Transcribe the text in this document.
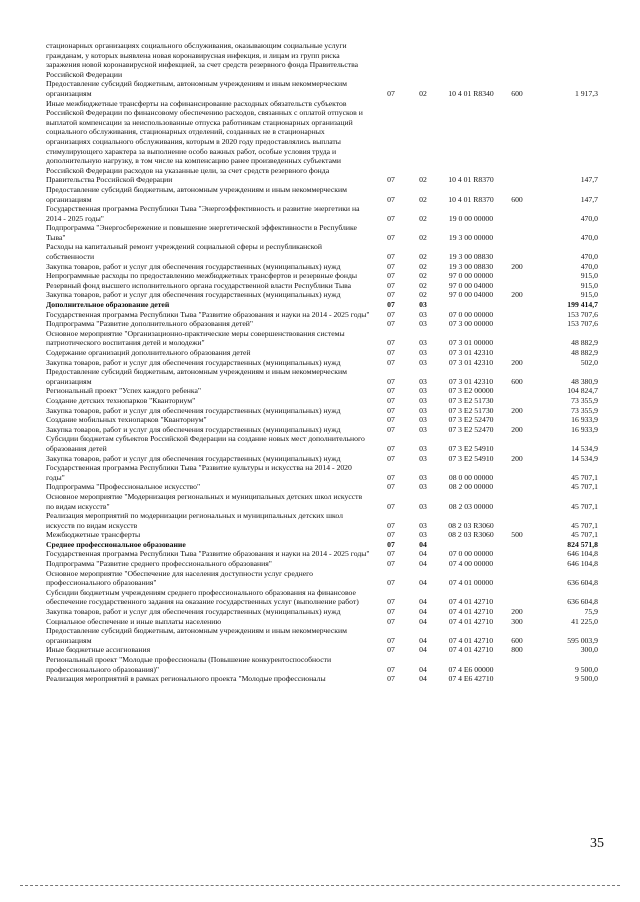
стационарных организациях социального обслуживания, оказывающим социальные услуги гражданам, у которых выявлена новая коронавирусная инфекция, и лицам из групп риска заражения новой коронавирусной инфекцией, за счет средств резервного фонда Правительства Российской Федерации					
Предоставление субсидий бюджетным, автономным учреждениям и иным некоммерческим организациям	07	02	10 4 01 R8340	600	1 917,3
Иные межбюджетные трансферты на софинансирование расходных обязательств субъектов Российской Федерации по финансовому обеспечению расходов, связанных с оплатой отпусков и выплатой компенсации за неиспользованные отпуска работникам стационарных организаций социального обслуживания, стационарных отделений, созданных не в стационарных организациях социального обслуживания, которым в 2020 году предоставлялись выплаты стимулирующего характера за выполнение особо важных работ, особые условия труда и дополнительную нагрузку, в том числе на компенсацию ранее произведенных субъектами Российской Федерации расходов на указанные цели, за счет средств резервного фонда Правительства Российской Федерации	07	02	10 4 01 R8370		147,7
Предоставление субсидий бюджетным, автономным учреждениям и иным некоммерческим организациям	07	02	10 4 01 R8370	600	147,7
Государственная программа Республики Тыва "Энергоэффективность и развитие энергетики на 2014 - 2025 годы"	07	02	19 0 00 00000		470,0
Подпрограмма "Энергосбережение и повышение энергетической эффективности в Республике Тыва"	07	02	19 3 00 00000		470,0
Расходы на капитальный ремонт учреждений социальной сферы и республиканской собственности	07	02	19 3 00 08830		470,0
Закупка товаров, работ и услуг для обеспечения государственных (муниципальных) нужд	07	02	19 3 00 08830	200	470,0
Непрограммные расходы по предоставлению межбюджетных трансфертов и резервные фонды	07	02	97 0 00 00000		915,0
Резервный фонд высшего исполнительного органа государственной власти Республики Тыва	07	02	97 0 00 04000		915,0
Закупка товаров, работ и услуг для обеспечения государственных (муниципальных) нужд	07	02	97 0 00 04000	200	915,0
Дополнительное образование детей	07	03			199 414,7
Государственная программа Республики Тыва "Развитие образования и науки на 2014 - 2025 годы"	07	03	07 0 00 00000		153 707,6
Подпрограмма "Развитие дополнительного образования детей"	07	03	07 3 00 00000		153 707,6
Основное мероприятие "Организационно-практические меры совершенствования системы патриотического воспитания детей и молодежи"	07	03	07 3 01 00000		48 882,9
Содержание организаций дополнительного образования детей	07	03	07 3 01 42310		48 882,9
Закупка товаров, работ и услуг для обеспечения государственных (муниципальных) нужд	07	03	07 3 01 42310	200	502,0
Предоставление субсидий бюджетным, автономным учреждениям и иным некоммерческим организациям	07	03	07 3 01 42310	600	48 380,9
Региональный проект "Успех каждого ребенка"	07	03	07 3 E2 00000		104 824,7
Создание детских технопарков "Кванториум"	07	03	07 3 E2 51730		73 355,9
Закупка товаров, работ и услуг для обеспечения государственных (муниципальных) нужд	07	03	07 3 E2 51730	200	73 355,9
Создание мобильных технопарков "Кванториум"	07	03	07 3 E2 52470		16 933,9
Закупка товаров, работ и услуг для обеспечения государственных (муниципальных) нужд	07	03	07 3 E2 52470	200	16 933,9
Субсидии бюджетам субъектов Российской Федерации на создание новых мест дополнительного образования детей	07	03	07 3 E2 54910		14 534,9
Закупка товаров, работ и услуг для обеспечения государственных (муниципальных) нужд	07	03	07 3 E2 54910	200	14 534,9
Государственная программа Республики Тыва "Развитие культуры и искусства на 2014 - 2020 годы"	07	03	08 0 00 00000		45 707,1
Подпрограмма "Профессиональное искусство"	07	03	08 2 00 00000		45 707,1
Основное мероприятие "Модернизация региональных и муниципальных детских школ искусств по видам искусств"	07	03	08 2 03 00000		45 707,1
Реализация мероприятий по модернизации региональных и муниципальных детских школ искусств по видам искусств	07	03	08 2 03 R3060		45 707,1
Межбюджетные трансферты	07	03	08 2 03 R3060	500	45 707,1
Среднее профессиональное образование	07	04			824 571,8
Государственная программа Республики Тыва "Развитие образования и науки на 2014 - 2025 годы"	07	04	07 0 00 00000		646 104,8
Подпрограмма "Развитие среднего профессионального образования"	07	04	07 4 00 00000		646 104,8
Основное мероприятие "Обеспечение для населения доступности услуг среднего профессионального образования"	07	04	07 4 01 00000		636 604,8
Субсидии бюджетным учреждениям среднего профессионального образования на финансовое обеспечение государственного задания на оказание государственных услуг (выполнение работ)	07	04	07 4 01 42710		636 604,8
Закупка товаров, работ и услуг для обеспечения государственных (муниципальных) нужд	07	04	07 4 01 42710	200	75,9
Социальное обеспечение и иные выплаты населению	07	04	07 4 01 42710	300	41 225,0
Предоставление субсидий бюджетным, автономным учреждениям и иным некоммерческим организациям	07	04	07 4 01 42710	600	595 003,9
Иные бюджетные ассигнования	07	04	07 4 01 42710	800	300,0
Региональный проект "Молодые профессионалы (Повышение конкурентоспособности профессионального образования)"	07	04	07 4 E6 00000		9 500,0
Реализация мероприятий в рамках регионального проекта "Молодые профессионалы	07	04	07 4 E6 42710		9 500,0
35
